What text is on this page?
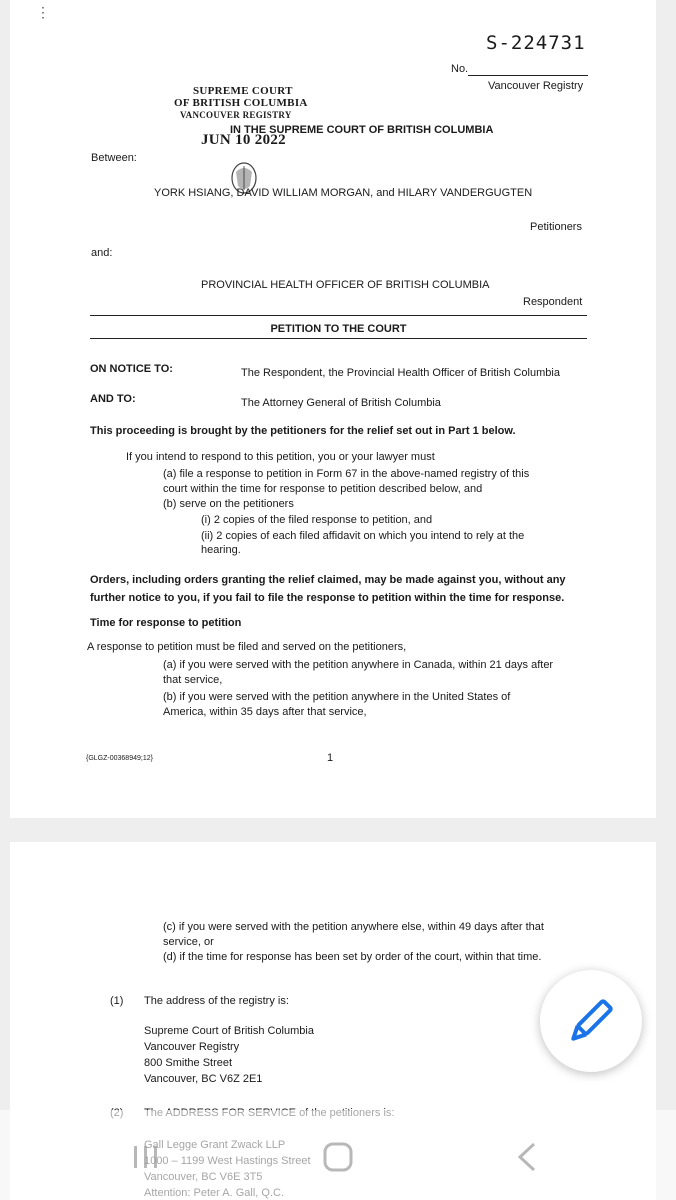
⋮
S-224731
No.
Vancouver Registry
SUPREME COURT
OF BRITISH COLUMBIA
VANCOUVER REGISTRY
IN THE SUPREME COURT OF BRITISH COLUMBIA
JUN 10 2022
Between:
YORK HSIANG, DAVID WILLIAM MORGAN, and HILARY VANDERGUGTEN
Petitioners
and:
PROVINCIAL HEALTH OFFICER OF BRITISH COLUMBIA
Respondent
PETITION TO THE COURT
ON NOTICE TO:	The Respondent, the Provincial Health Officer of British Columbia
AND TO:	The Attorney General of British Columbia
This proceeding is brought by the petitioners for the relief set out in Part 1 below.
If you intend to respond to this petition, you or your lawyer must
(a) file a response to petition in Form 67 in the above-named registry of this
court within the time for response to petition described below, and
(b) serve on the petitioners
(i) 2 copies of the filed response to petition, and
(ii) 2 copies of each filed affidavit on which you intend to rely at the
hearing.
Orders, including orders granting the relief claimed, may be made against you, without any
further notice to you, if you fail to file the response to petition within the time for response.
Time for response to petition
A response to petition must be filed and served on the petitioners,
(a) if you were served with the petition anywhere in Canada, within 21 days after
that service,
(b) if you were served with the petition anywhere in the United States of
America, within 35 days after that service,
{GLGZ-00368949;12}	1
(c) if you were served with the petition anywhere else, within 49 days after that
service, or
(d) if the time for response has been set by order of the court, within that time.
(1) The address of the registry is:
Supreme Court of British Columbia
Vancouver Registry
800 Smithe Street
Vancouver, BC V6Z 2E1
